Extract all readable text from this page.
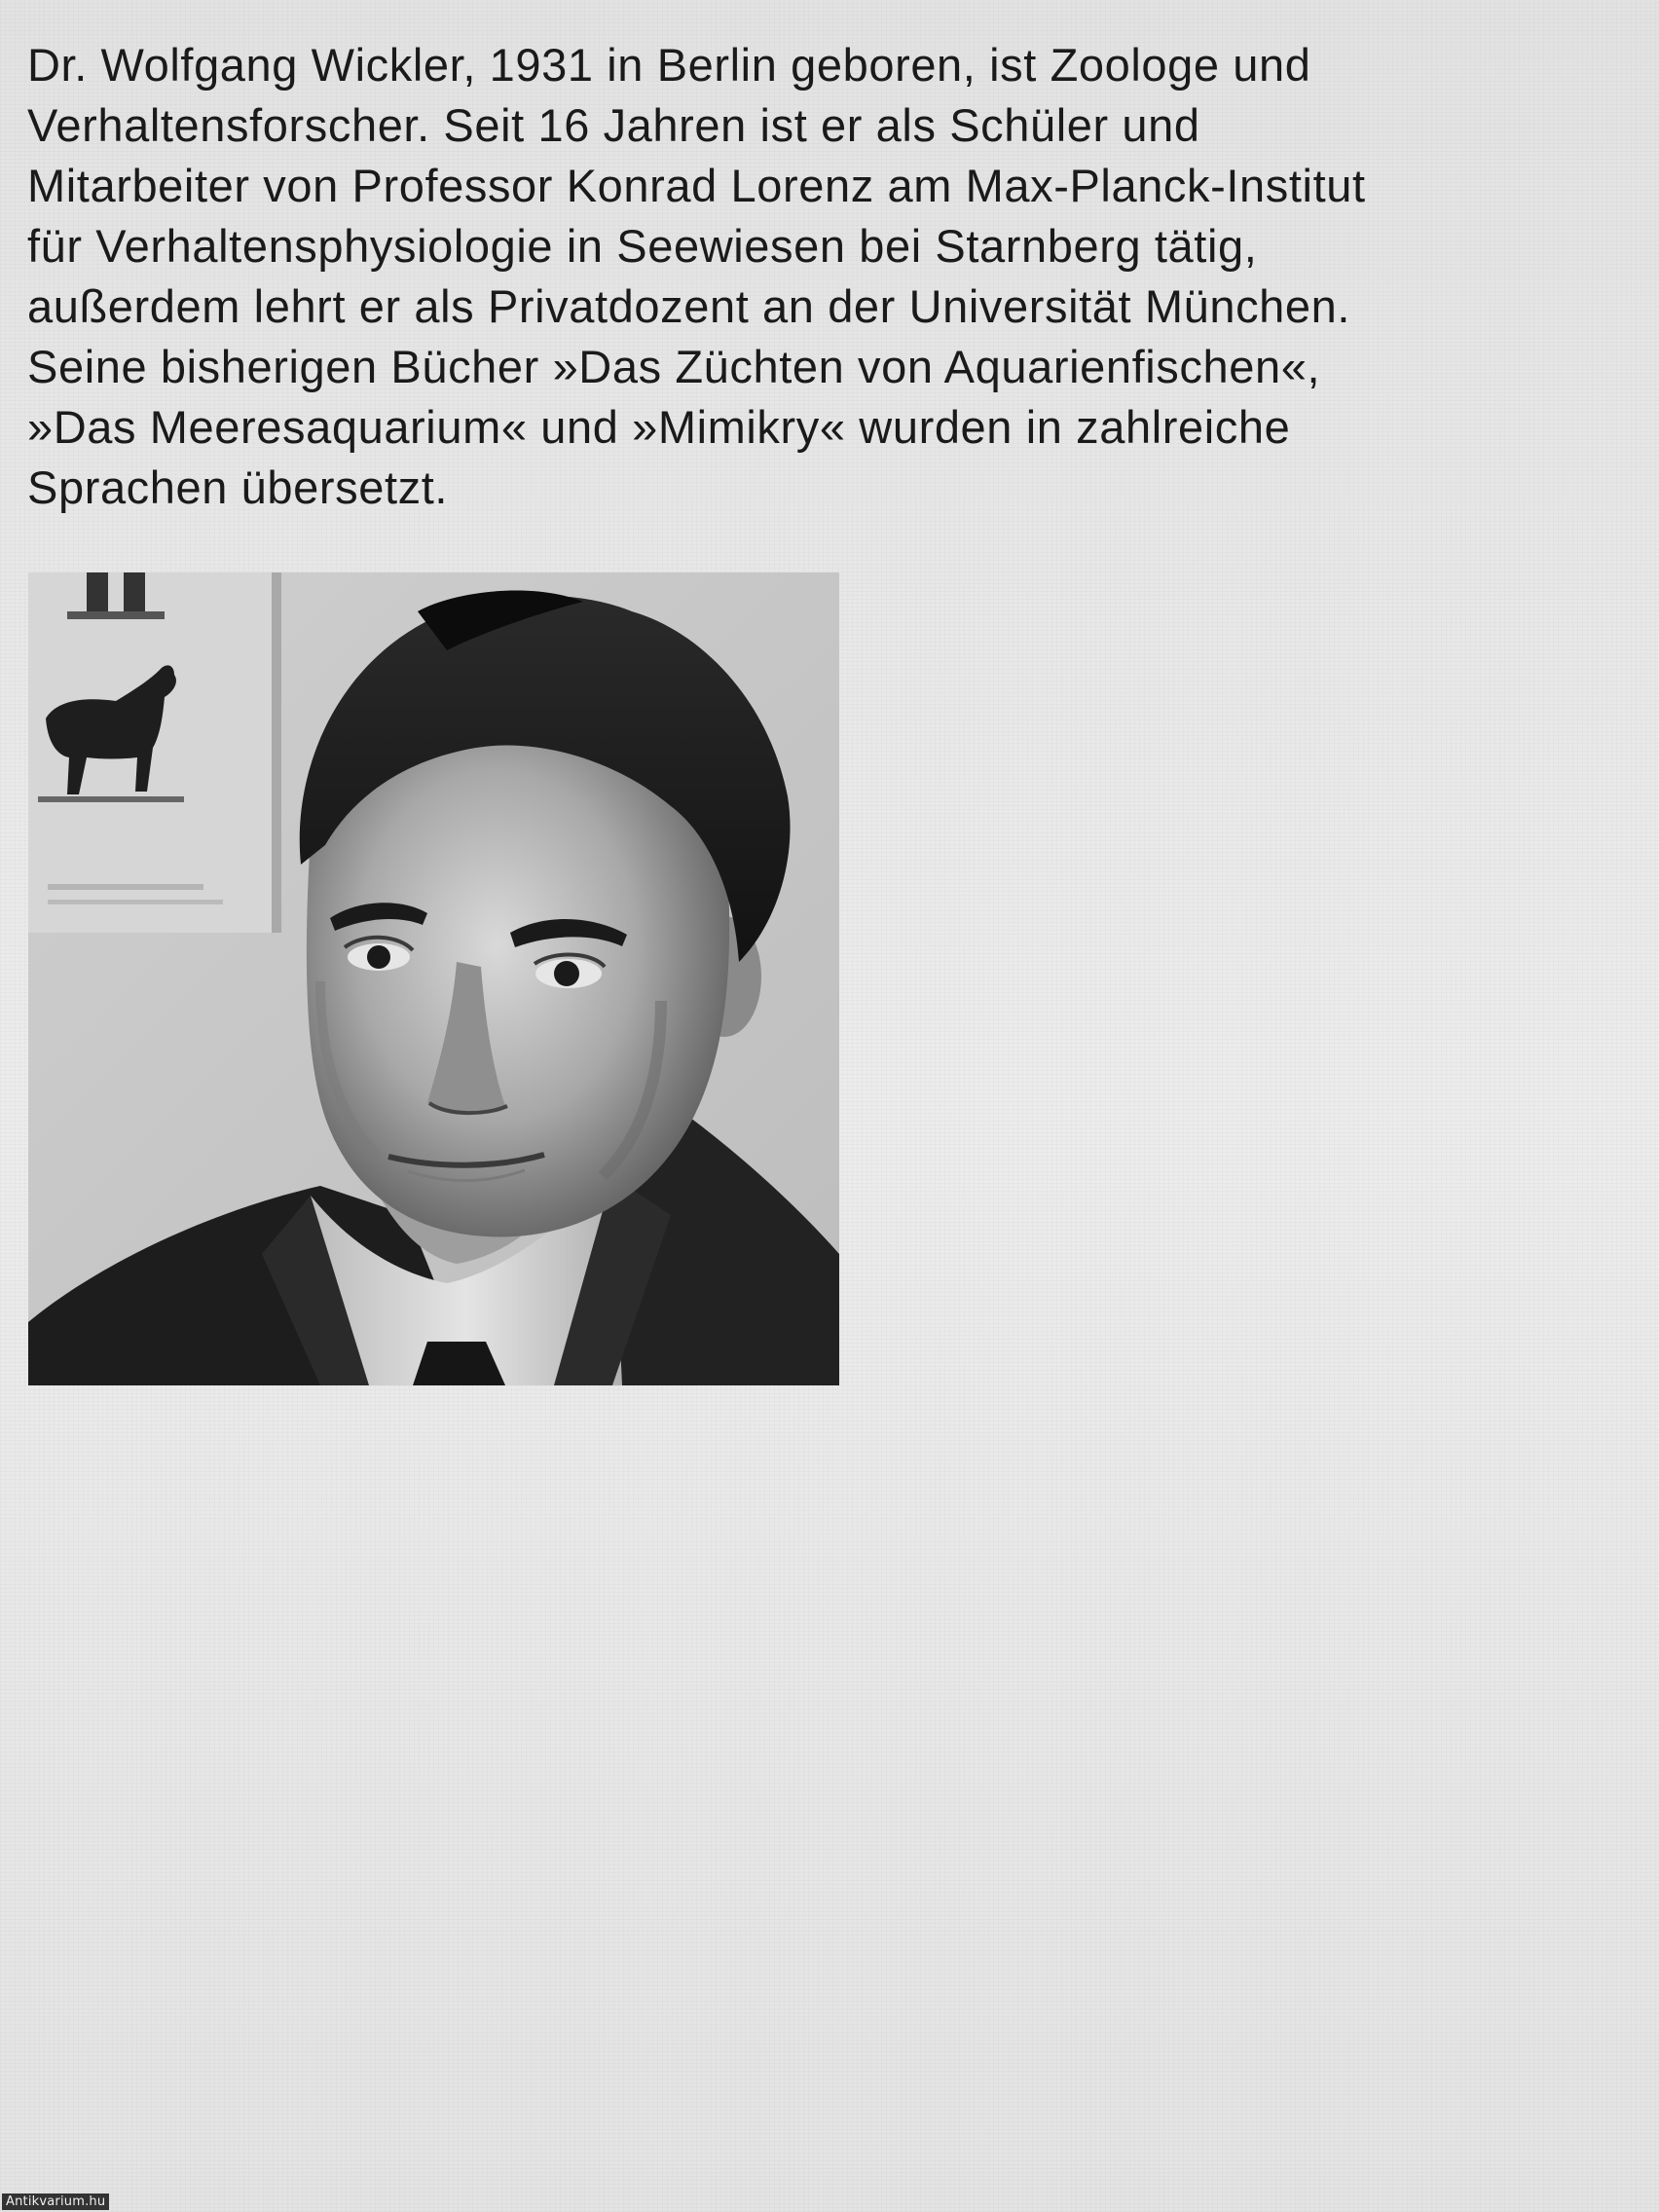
Dr. Wolfgang Wickler, 1931 in Berlin geboren, ist Zoologe und
Verhaltensforscher. Seit 16 Jahren ist er als Schüler und
Mitarbeiter von Professor Konrad Lorenz am Max-Planck-Institut
für Verhaltensphysiologie in Seewiesen bei Starnberg tätig,
außerdem lehrt er als Privatdozent an der Universität München.
Seine bisherigen Bücher »Das Züchten von Aquarienfischen«,
»Das Meeresaquarium« und »Mimikry« wurden in zahlreiche
Sprachen übersetzt.

Antikvarium.hu
